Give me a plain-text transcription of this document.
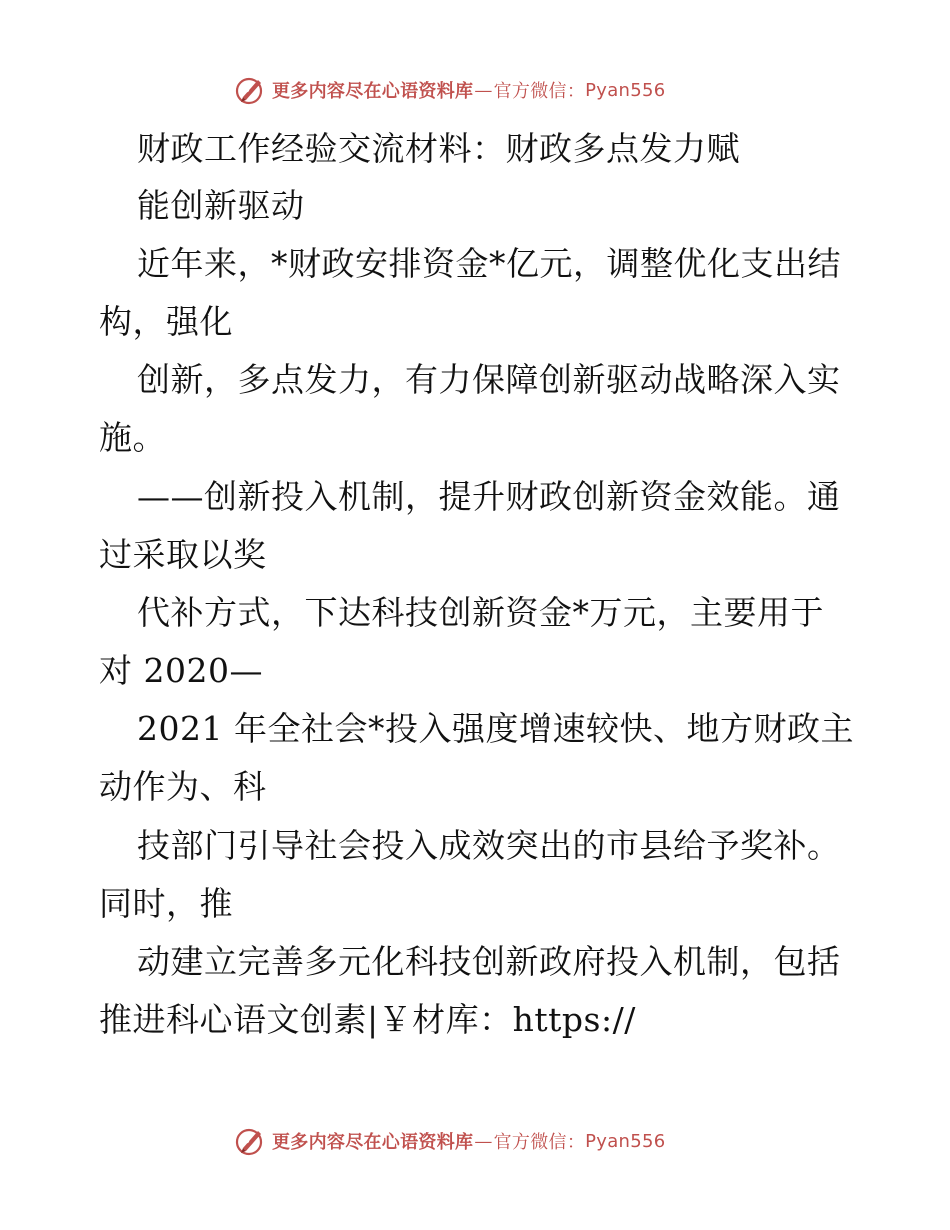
更多内容尽在心语资料库 — 官方微信： Pyan556
财政工作经验交流材料：财政多点发力赋
能创新驱动
近年来，*财政安排资金*亿元，调整优化支出结
构，强化
创新，多点发力，有力保障创新驱动战略深入实
施。
——创新投入机制，提升财政创新资金效能。通
过采取以奖
代补方式，下达科技创新资金*万元，主要用于
对 2020—
2021 年全社会*投入强度增速较快、地方财政主
动作为、科
技部门引导社会投入成效突出的市县给予奖补。
同时，推
动建立完善多元化科技创新政府投入机制，包括
推进科心语文创素|￥材库：https://
更多内容尽在心语资料库 — 官方微信： Pyan556
